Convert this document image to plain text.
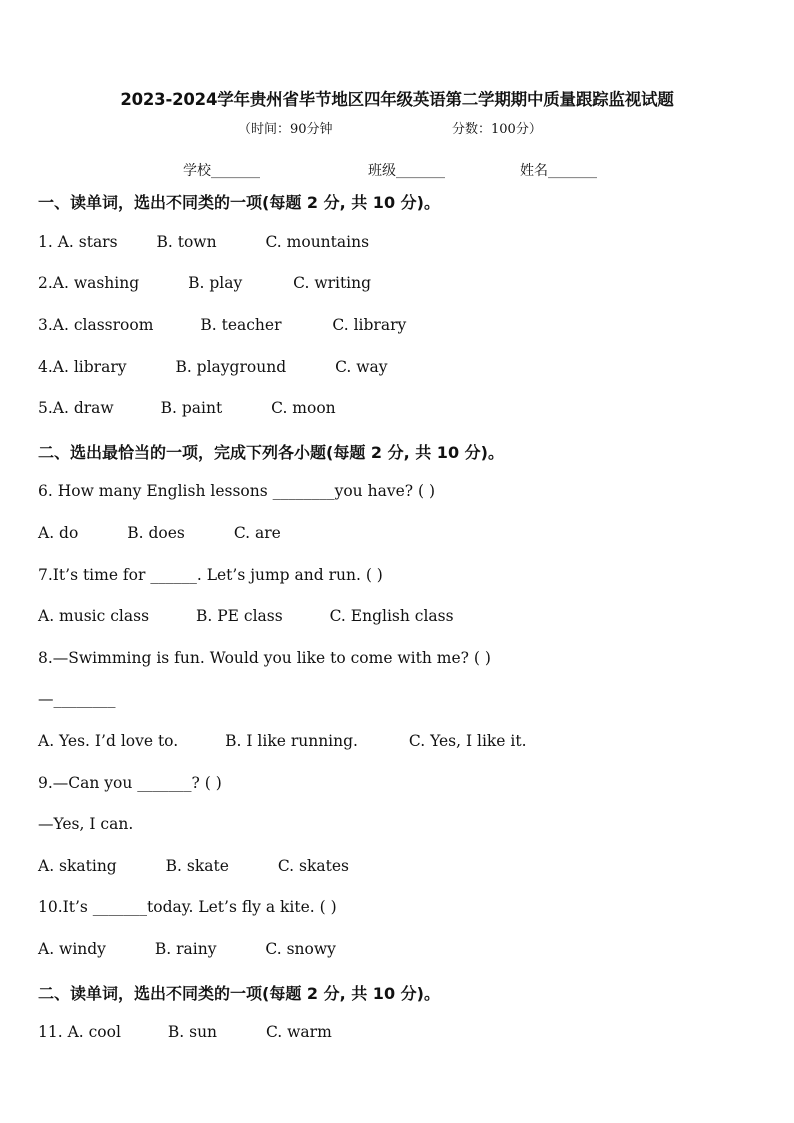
2023-2024学年贵州省毕节地区四年级英语第二学期期中质量跟踪监视试题
（时间：90分钟	分数：100分）
学校_______	班级_______	姓名_______
一、读单词，选出不同类的一项(每题 2 分, 共 10 分)。
1. A. stars	B. town	C. mountains
2.A. washing	B. play	C. writing
3.A. classroom	B. teacher	C. library
4.A. library	B. playground	C. way
5.A. draw	B. paint	C. moon
二、选出最恰当的一项，完成下列各小题(每题 2 分, 共 10 分)。
6. How many English lessons ________you have? ( )
A. do	B. does	C. are
7.It’s time for ______. Let’s jump and run. ( )
A. music class	B. PE class	C. English class
8.—Swimming is fun. Would you like to come with me? ( )
—________
A. Yes. I’d love to.	B. I like running.	C. Yes, I like it.
9.—Can you _______? ( )
—Yes, I can.
A. skating	B. skate	C. skates
10.It’s _______today. Let’s fly a kite. ( )
A. windy	B. rainy	C. snowy
二、读单词，选出不同类的一项(每题 2 分, 共 10 分)。
11. A. cool	B. sun	C. warm
